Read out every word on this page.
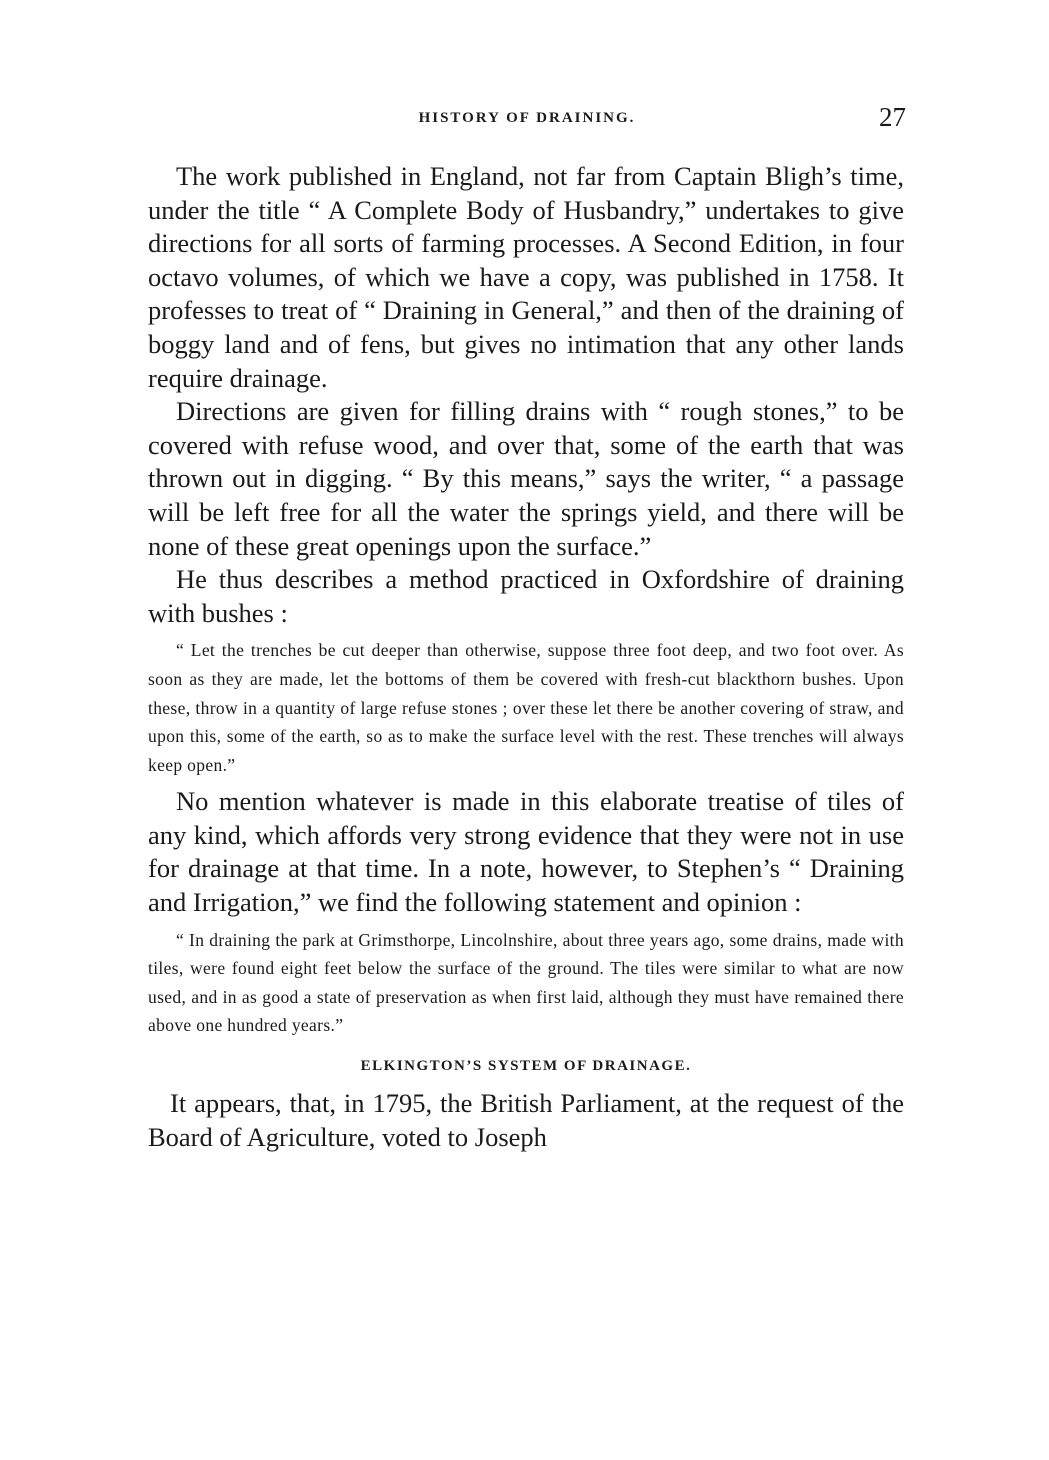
HISTORY OF DRAINING.	27

The work published in England, not far from Captain Bligh’s time, under the title “ A Complete Body of Husbandry,” undertakes to give directions for all sorts of farming processes. A Second Edition, in four octavo volumes, of which we have a copy, was published in 1758. It professes to treat of “ Draining in General,” and then of the draining of boggy land and of fens, but gives no intimation that any other lands require drainage.

Directions are given for filling drains with “ rough stones,” to be covered with refuse wood, and over that, some of the earth that was thrown out in digging. “ By this means,” says the writer, “ a passage will be left free for all the water the springs yield, and there will be none of these great openings upon the surface.”

He thus describes a method practiced in Oxfordshire of draining with bushes :

“ Let the trenches be cut deeper than otherwise, suppose three foot deep, and two foot over. As soon as they are made, let the bottoms of them be covered with fresh-cut blackthorn bushes. Upon these, throw in a quantity of large refuse stones ; over these let there be another covering of straw, and upon this, some of the earth, so as to make the surface level with the rest. These trenches will always keep open.”

No mention whatever is made in this elaborate treatise of tiles of any kind, which affords very strong evidence that they were not in use for drainage at that time. In a note, however, to Stephen’s “ Draining and Irrigation,” we find the following statement and opinion :

“ In draining the park at Grimsthorpe, Lincolnshire, about three years ago, some drains, made with tiles, were found eight feet below the surface of the ground. The tiles were similar to what are now used, and in as good a state of preservation as when first laid, although they must have remained there above one hundred years.”
ELKINGTON’S SYSTEM OF DRAINAGE.

It appears, that, in 1795, the British Parliament, at the request of the Board of Agriculture, voted to Joseph
